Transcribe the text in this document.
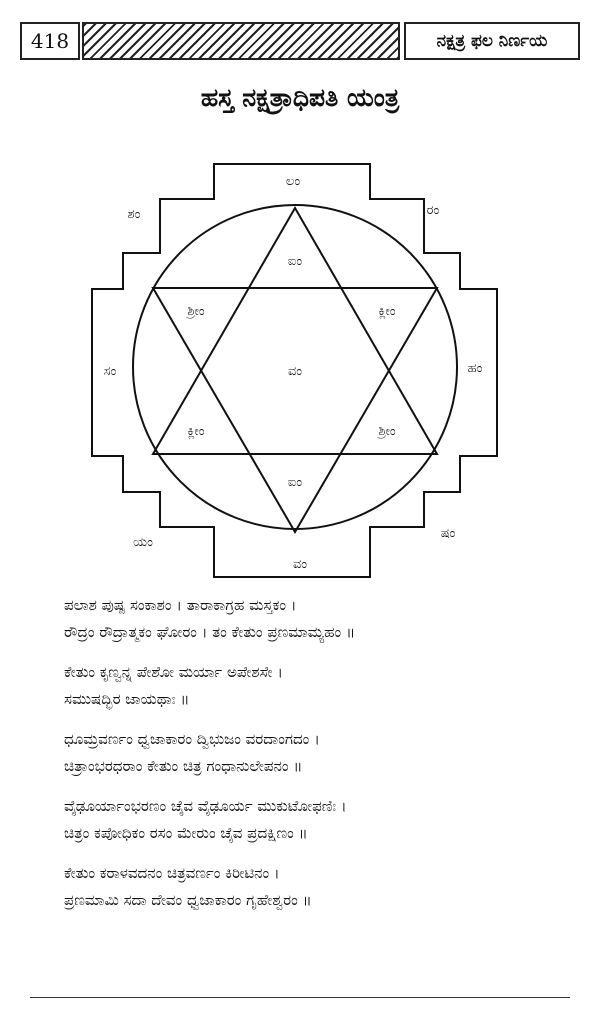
418	ನಕ್ಷತ್ರ ಫಲ ನಿರ್ಣಯ
ಹಸ್ತ ನಕ್ಷತ್ರಾಧಿಪತಿ ಯಂತ್ರ
ವಂ
ಐಂ
ಐಂ
ಶ್ರೀಂ	ಕ್ಲೀಂ
ಕ್ಲೀಂ	ಶ್ರೀಂ
ಲಂ
ವಂ
ಸಂ	ಹಂ
ಶಂ	ರಂ
ಯಂ
ಷಂ
ಪಲಾಶ ಪುಷ್ಪ ಸಂಕಾಶಂ । ತಾರಾಕಾಗ್ರಹ ಮಸ್ತಕಂ ।
ರೌದ್ರಂ ರೌದ್ರಾತ್ಮಕಂ ಘೋರಂ । ತಂ ಕೇತುಂ ಪ್ರಣಮಾಮ್ಯಹಂ ॥
ಕೇತುಂ ಕೃಣ್ವನ್ನ ಪೇಶೋ ಮರ್ಯಾ ಅಪೇಶಸೇ ।
ಸಮುಷದ್ಭಿರ ಜಾಯಥಾಃ ॥
ಧೂಮ್ರವರ್ಣಂ ಧ್ವಜಾಕಾರಂ ದ್ವಿಭುಜಂ ವರದಾಂಗದಂ ।
ಚಿತ್ರಾಂಭರಧರಾಂ ಕೇತುಂ ಚಿತ್ರ ಗಂಧಾನುಲೇಪನಂ ॥
ವೈಢೂರ್ಯಾಂಭರಣಂ ಚೈವ ವೈಢೂರ್ಯ ಮುಕುಟೋಫಣಿಃ ।
ಚಿತ್ರಂ ಕಪೋಧಿಕಂ ರಸಂ ಮೇರುಂ ಚೈವ ಪ್ರದಕ್ಷಿಣಂ ॥
ಕೇತುಂ ಕರಾಳವದನಂ ಚಿತ್ರವರ್ಣಂ ಕಿರೀಟಿನಂ ।
ಪ್ರಣಮಾಮಿ ಸದಾ ದೇವಂ ಧ್ವಜಾಕಾರಂ ಗೃಹೇಶ್ವರಂ ॥
